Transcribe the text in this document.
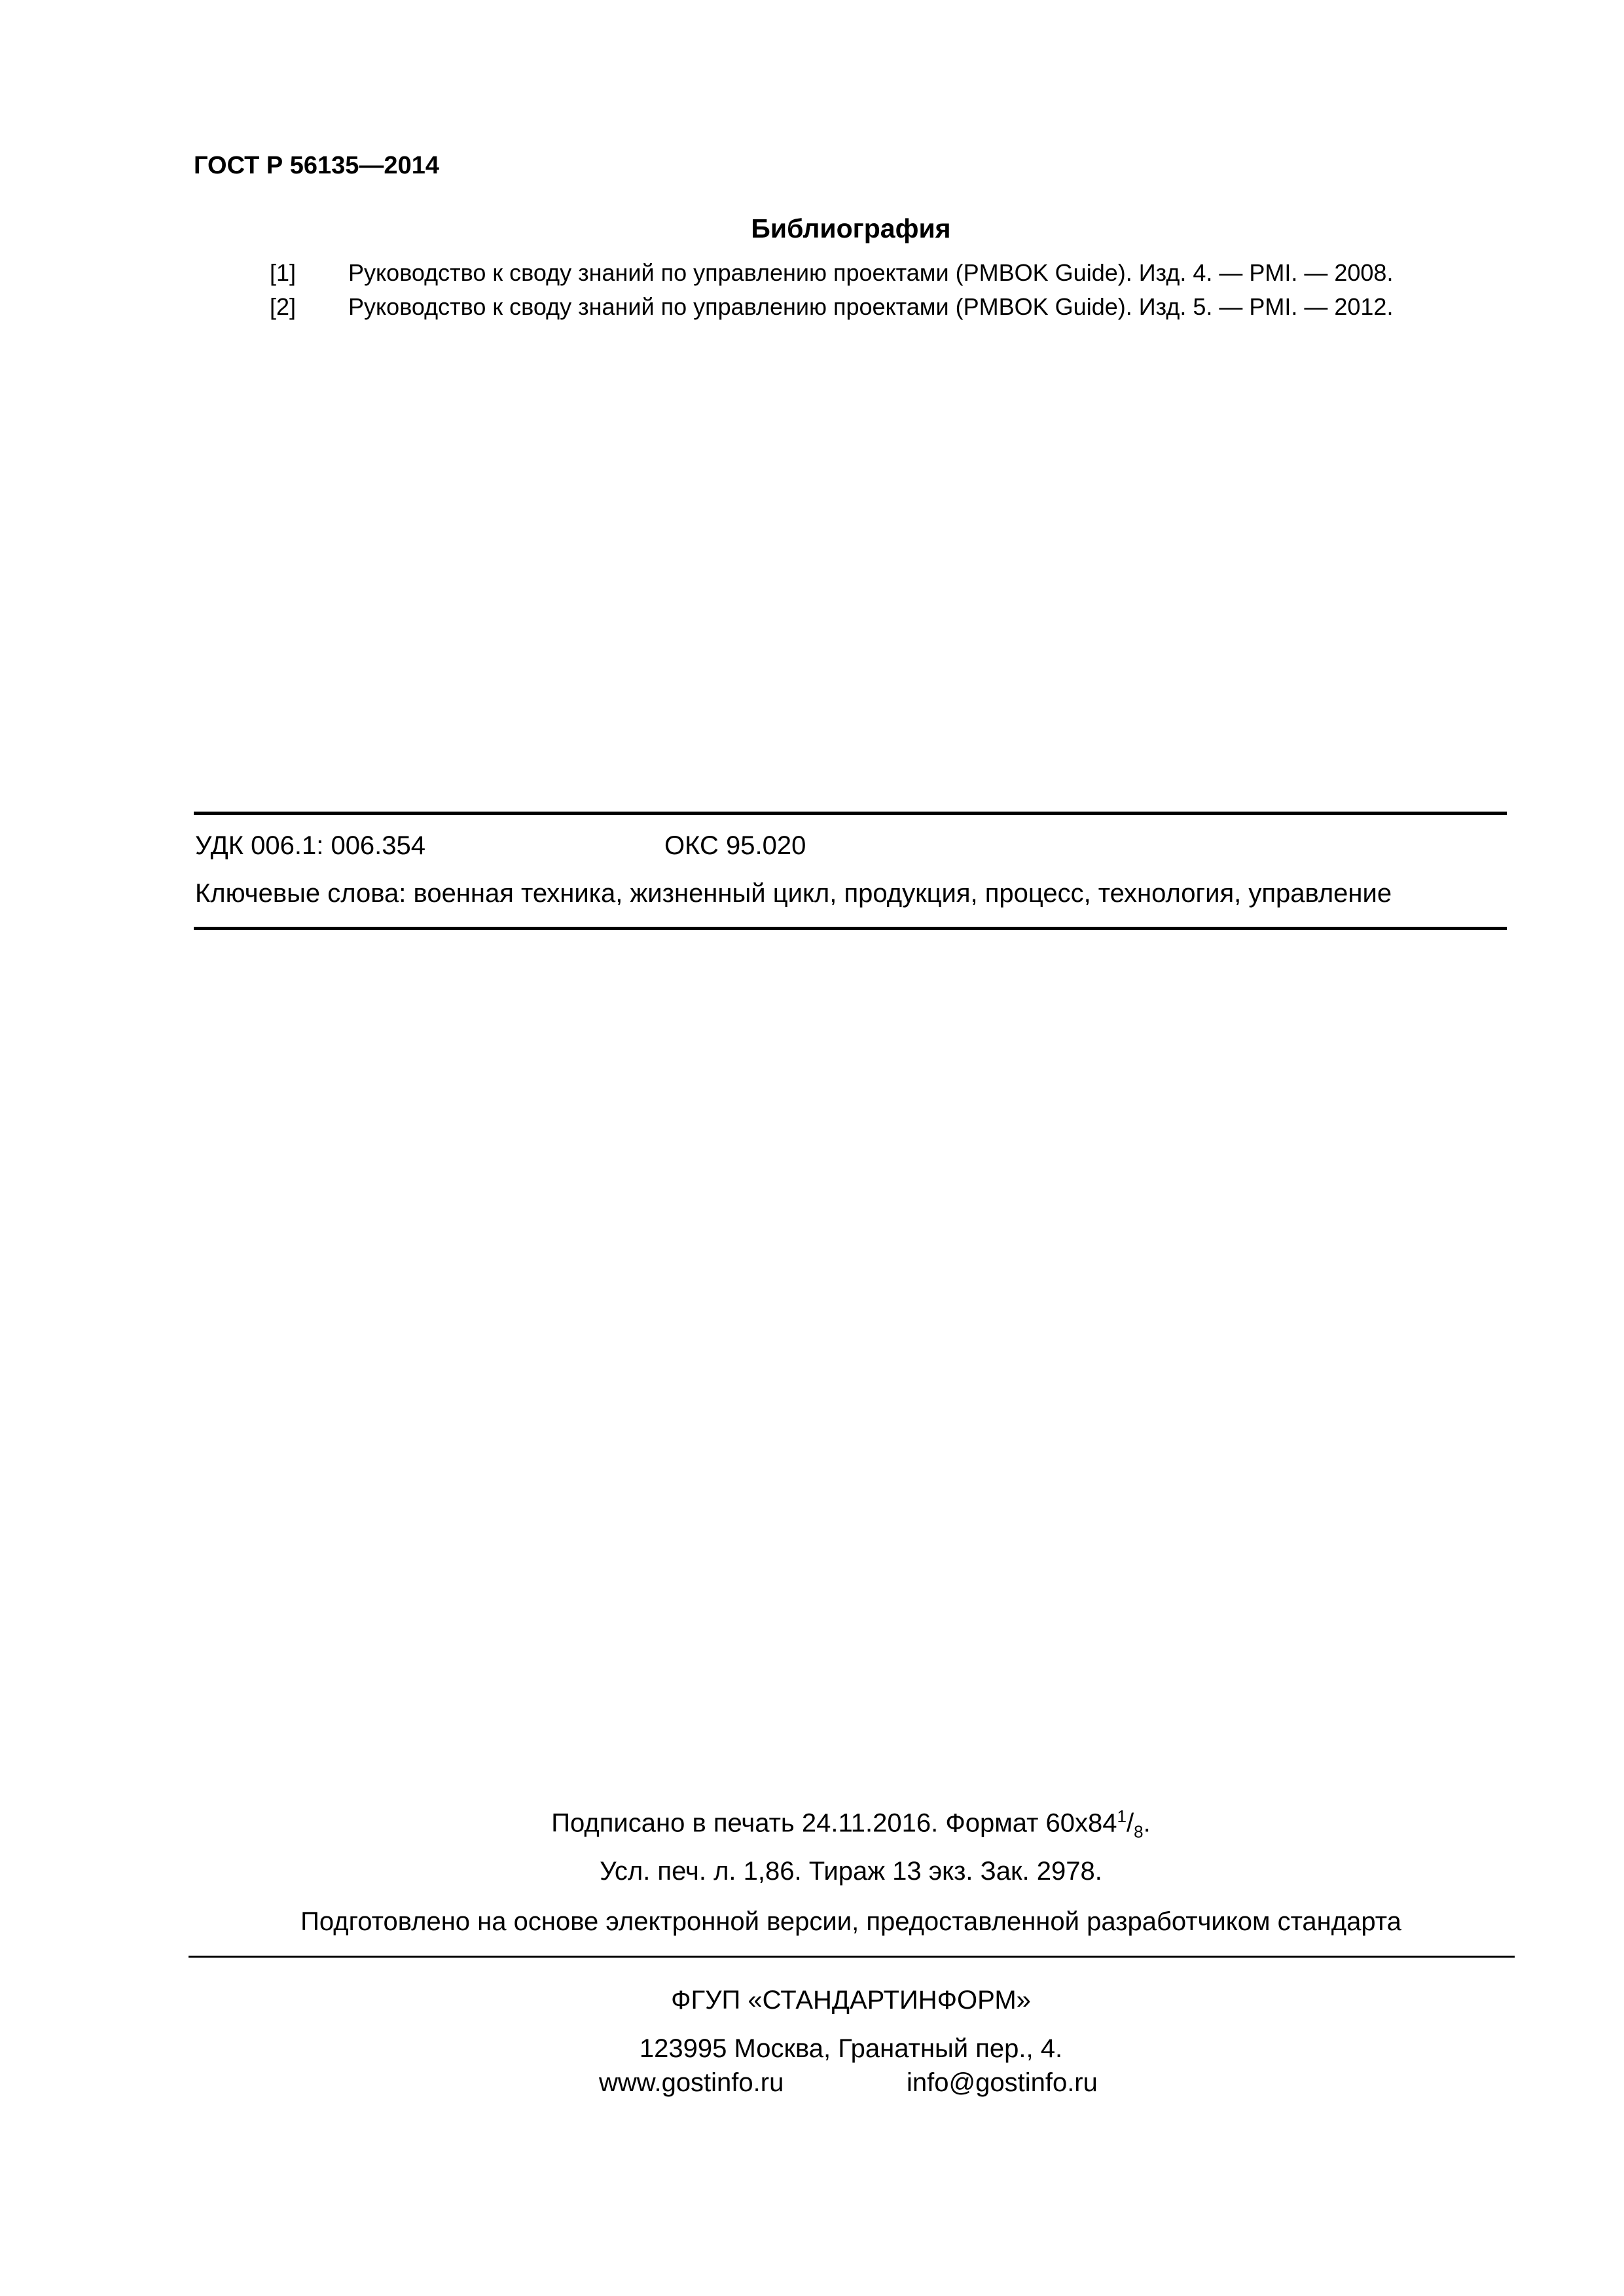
ГОСТ Р 56135—2014
Библиография
[1] Руководство к своду знаний по управлению проектами (PMBOK Guide). Изд. 4. — PMI. — 2008.
[2] Руководство к своду знаний по управлению проектами (PMBOK Guide). Изд. 5. — PMI. — 2012.
УДК 006.1: 006.354	ОКС 95.020
Ключевые слова: военная техника, жизненный цикл, продукция, процесс, технология, управление
Подписано в печать 24.11.2016. Формат $60x84^1/_8$.
Усл. печ. л. 1,86. Тираж 13 экз. Зак. 2978.
Подготовлено на основе электронной версии, предоставленной разработчиком стандарта
ФГУП «СТАНДАРТИНФОРМ»
123995 Москва, Гранатный пер., 4.
www.gostinfo.ru	info@gostinfo.ru
